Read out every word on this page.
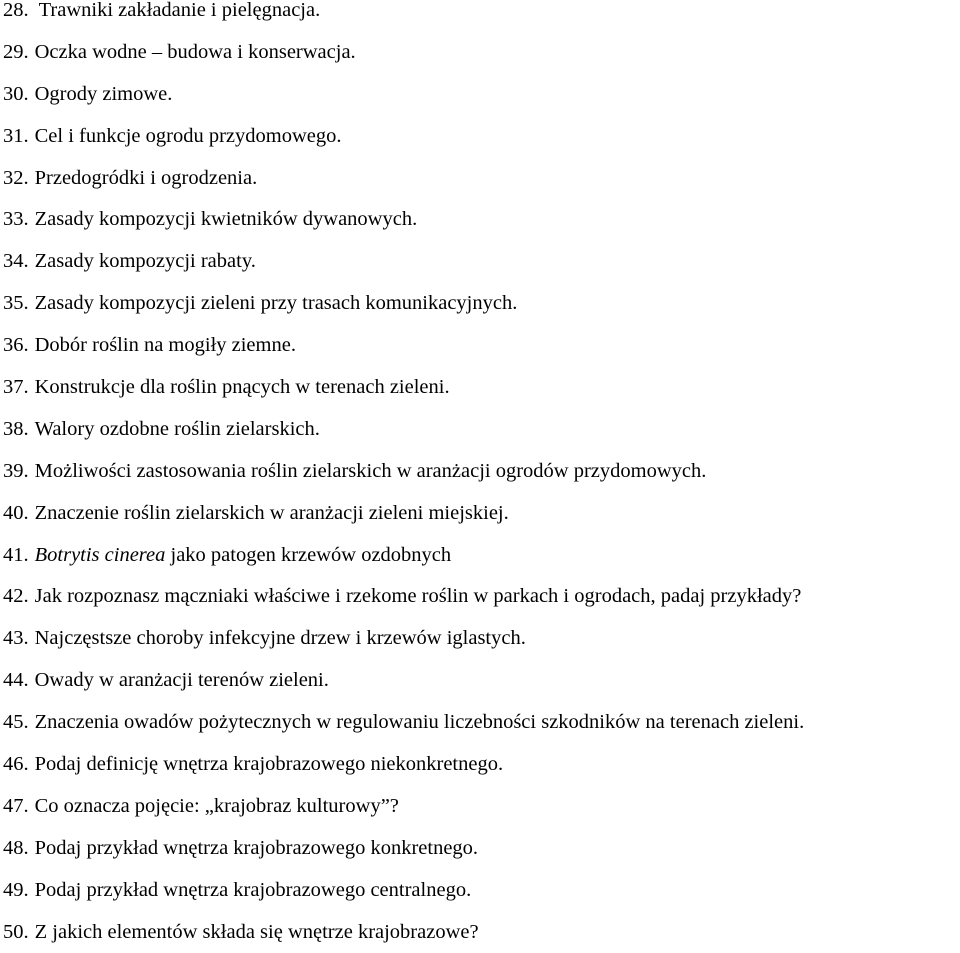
28. Trawniki zakładanie i pielęgnacja.
29. Oczka wodne – budowa i konserwacja.
30. Ogrody zimowe.
31. Cel i funkcje ogrodu przydomowego.
32. Przedogródki i ogrodzenia.
33. Zasady kompozycji kwietników dywanowych.
34. Zasady kompozycji rabaty.
35. Zasady kompozycji zieleni przy trasach komunikacyjnych.
36. Dobór roślin na mogiły ziemne.
37. Konstrukcje dla roślin pnących w terenach zieleni.
38. Walory ozdobne roślin zielarskich.
39. Możliwości zastosowania roślin zielarskich w aranżacji ogrodów przydomowych.
40. Znaczenie roślin zielarskich w aranżacji zieleni miejskiej.
41. Botrytis cinerea jako patogen krzewów ozdobnych
42. Jak rozpoznasz mączniaki właściwe i rzekome roślin w parkach i ogrodach, padaj przykłady?
43. Najczęstsze choroby infekcyjne drzew i krzewów iglastych.
44. Owady w aranżacji terenów zieleni.
45. Znaczenia owadów pożytecznych w regulowaniu liczebności szkodników na terenach zieleni.
46. Podaj definicję wnętrza krajobrazowego niekonkretnego.
47. Co oznacza pojęcie: „krajobraz kulturowy”?
48. Podaj przykład wnętrza krajobrazowego konkretnego.
49. Podaj przykład wnętrza krajobrazowego centralnego.
50. Z jakich elementów składa się wnętrze krajobrazowe?
